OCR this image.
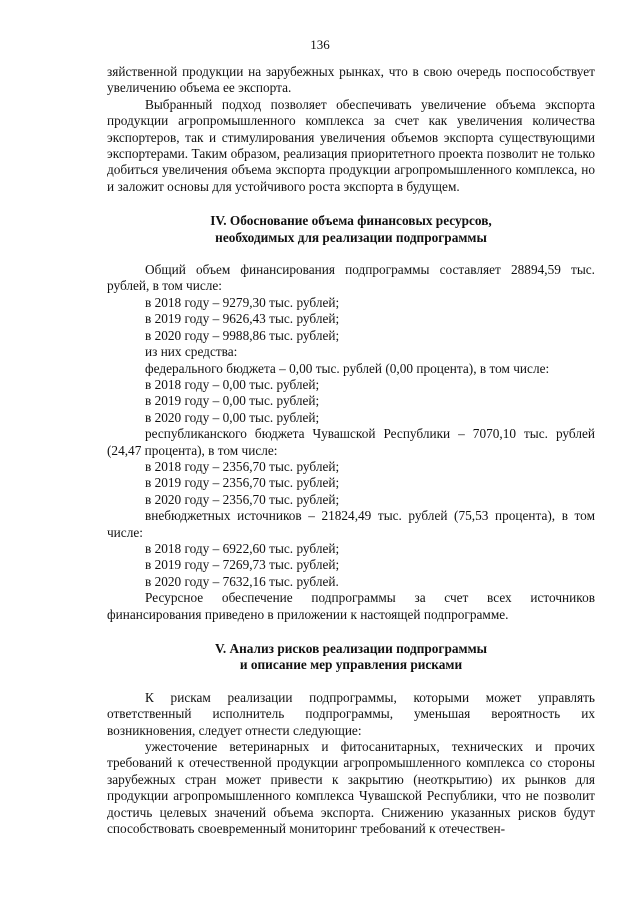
136

зяйственной продукции на зарубежных рынках, что в свою очередь поспособствует увеличению объема ее экспорта.

Выбранный подход позволяет обеспечивать увеличение объема экспорта продукции агропромышленного комплекса за счет как увеличения количества экспортеров, так и стимулирования увеличения объемов экспорта существующими экспортерами. Таким образом, реализация приоритетного проекта позволит не только добиться увеличения объема экспорта продукции агропромышленного комплекса, но и заложит основы для устойчивого роста экспорта в будущем.

IV. Обоснование объема финансовых ресурсов,
необходимых для реализации подпрограммы

Общий объем финансирования подпрограммы составляет 28894,59 тыс. рублей, в том числе:

в 2018 году – 9279,30 тыс. рублей;

в 2019 году – 9626,43 тыс. рублей;

в 2020 году – 9988,86 тыс. рублей;

из них средства:

федерального бюджета – 0,00 тыс. рублей (0,00 процента), в том числе:

в 2018 году – 0,00 тыс. рублей;

в 2019 году – 0,00 тыс. рублей;

в 2020 году – 0,00 тыс. рублей;

республиканского бюджета Чувашской Республики – 7070,10 тыс. рублей (24,47 процента), в том числе:

в 2018 году – 2356,70 тыс. рублей;

в 2019 году – 2356,70 тыс. рублей;

в 2020 году – 2356,70 тыс. рублей;

внебюджетных источников – 21824,49 тыс. рублей (75,53 процента), в том числе:

в 2018 году – 6922,60 тыс. рублей;

в 2019 году – 7269,73 тыс. рублей;

в 2020 году – 7632,16 тыс. рублей.

Ресурсное обеспечение подпрограммы за счет всех источников финансирования приведено в приложении к настоящей подпрограмме.

V. Анализ рисков реализации подпрограммы
и описание мер управления рисками

К рискам реализации подпрограммы, которыми может управлять ответственный исполнитель подпрограммы, уменьшая вероятность их возникновения, следует отнести следующие:

ужесточение ветеринарных и фитосанитарных, технических и прочих требований к отечественной продукции агропромышленного комплекса со стороны зарубежных стран может привести к закрытию (неоткрытию) их рынков для продукции агропромышленного комплекса Чувашской Республики, что не позволит достичь целевых значений объема экспорта. Снижению указанных рисков будут способствовать своевременный мониторинг требований к отечествен-
